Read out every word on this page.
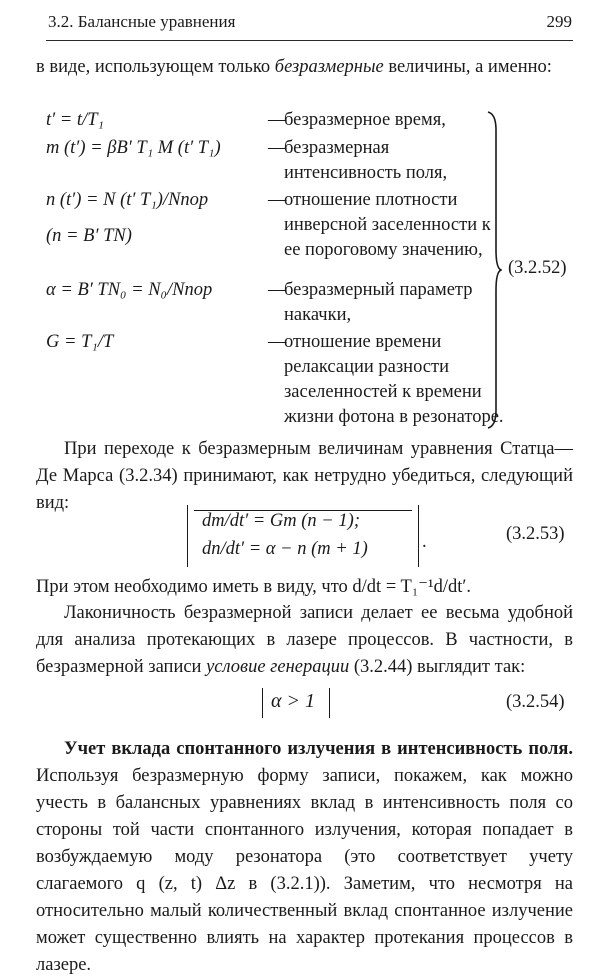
3.2. Балансные уравнения	299

в виде, использующем только безразмерные величины, а именно:

t′ = t/T₁	—
безразмерное время,
m (t′) = βB′ T₁ M (t′ T₁)	—
безразмерная интенсивность поля,
n (t′) = N (t′ T₁)/Nпор	—
отношение плотности инверсной заселенности к ее пороговому значению,
(n = B′ TN)
α = B′ TN₀ = N₀/Nпор	—
безразмерный параметр накачки,
G = T₁/T	—
отношение времени релаксации разности заселенностей к времени жизни фотона в резонаторе.
(3.2.52)

При переходе к безразмерным величинам уравнения Статца—Де Марса (3.2.34) принимают, как нетрудно убедиться, следующий вид:

dm/dt′ = Gm (n − 1);
dn/dt′ = α − n (m + 1)	.	(3.2.53)

При этом необходимо иметь в виду, что d/dt = T₁⁻¹d/dt′.

Лаконичность безразмерной записи делает ее весьма удобной для анализа протекающих в лазере процессов. В частности, в безразмерной записи условие генерации (3.2.44) выглядит так:

α > 1	(3.2.54)

Учет вклада спонтанного излучения в интенсивность поля. Используя безразмерную форму записи, покажем, как можно учесть в балансных уравнениях вклад в интенсивность поля со стороны той части спонтанного излучения, которая попадает в возбуждаемую моду резонатора (это соответствует учету слагаемого q (z, t) Δz в (3.2.1)). Заметим, что несмотря на относительно малый количественный вклад спонтанное излучение может существенно влиять на характер протекания процессов в лазере.
